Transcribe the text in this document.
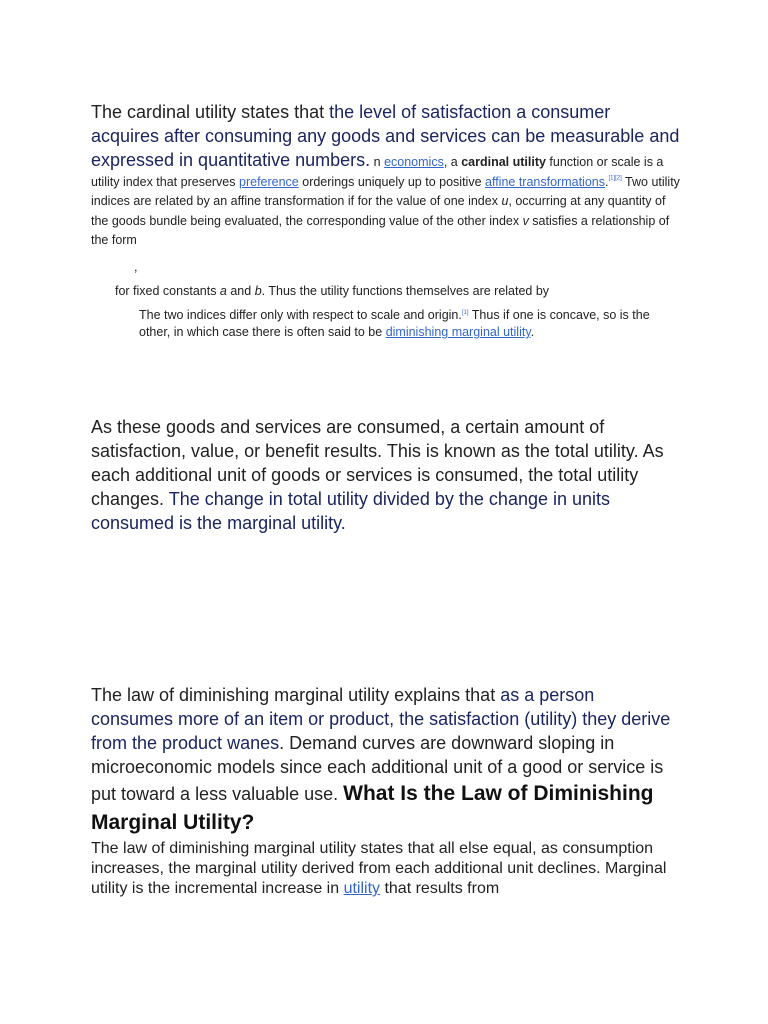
The cardinal utility states that the level of satisfaction a consumer acquires after consuming any goods and services can be measurable and expressed in quantitative numbers. n economics, a cardinal utility function or scale is a utility index that preserves preference orderings uniquely up to positive affine transformations.[1][2] Two utility indices are related by an affine transformation if for the value of one index u, occurring at any quantity of the goods bundle being evaluated, the corresponding value of the other index v satisfies a relationship of the form
,
for fixed constants a and b. Thus the utility functions themselves are related by
The two indices differ only with respect to scale and origin.[1] Thus if one is concave, so is the other, in which case there is often said to be diminishing marginal utility.
As these goods and services are consumed, a certain amount of satisfaction, value, or benefit results. This is known as the total utility. As each additional unit of goods or services is consumed, the total utility changes. The change in total utility divided by the change in units consumed is the marginal utility.
The law of diminishing marginal utility explains that as a person consumes more of an item or product, the satisfaction (utility) they derive from the product wanes. Demand curves are downward sloping in microeconomic models since each additional unit of a good or service is put toward a less valuable use. What Is the Law of Diminishing Marginal Utility?
The law of diminishing marginal utility states that all else equal, as consumption increases, the marginal utility derived from each additional unit declines. Marginal utility is the incremental increase in utility that results from
